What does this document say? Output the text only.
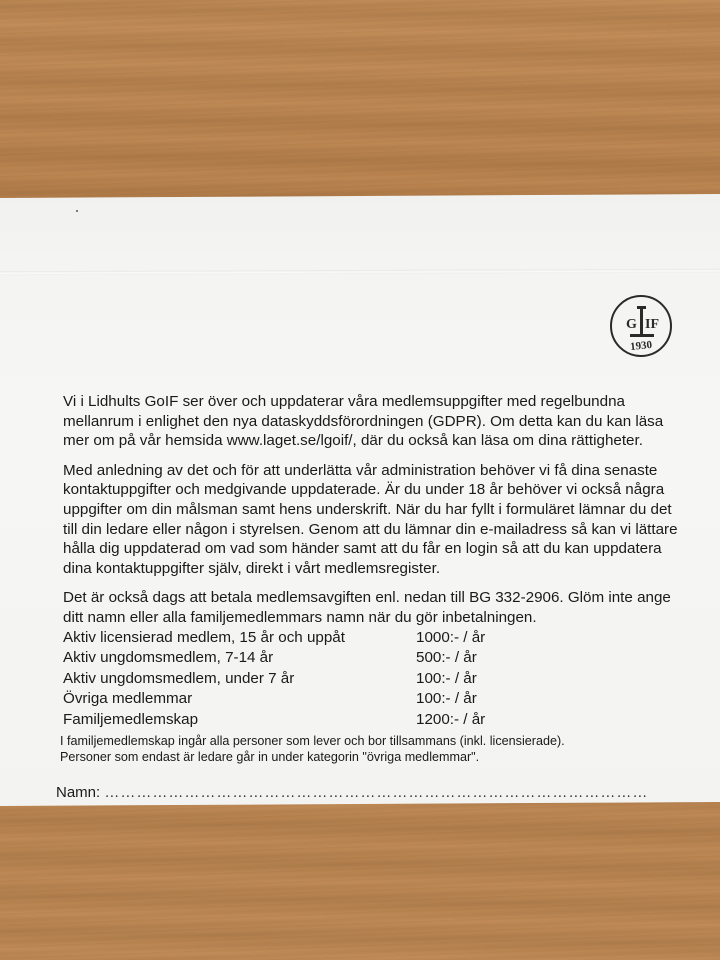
G IF
1930
Vi i Lidhults GoIF ser över och uppdaterar våra medlemsuppgifter med regelbundna
mellanrum i enlighet den nya dataskyddsförordningen (GDPR). Om detta kan du kan läsa
mer om på vår hemsida www.laget.se/lgoif/, där du också kan läsa om dina rättigheter.
Med anledning av det och för att underlätta vår administration behöver vi få dina senaste
kontaktuppgifter och medgivande uppdaterade. Är du under 18 år behöver vi också några
uppgifter om din målsman samt hens underskrift. När du har fyllt i formuläret lämnar du det
till din ledare eller någon i styrelsen. Genom att du lämnar din e-mailadress så kan vi lättare
hålla dig uppdaterad om vad som händer samt att du får en login så att du kan uppdatera
dina kontaktuppgifter själv, direkt i vårt medlemsregister.
Det är också dags att betala medlemsavgiften enl. nedan till BG 332-2906. Glöm inte ange
ditt namn eller alla familjemedlemmars namn när du gör inbetalningen.
Aktiv licensierad medlem, 15 år och uppåt	1000:- / år
Aktiv ungdomsmedlem, 7-14 år	500:- / år
Aktiv ungdomsmedlem, under 7 år	100:- / år
Övriga medlemmar	100:- / år
Familjemedlemskap	1200:- / år
I familjemedlemskap ingår alla personer som lever och bor tillsammans (inkl. licensierade).
Personer som endast är ledare går in under kategorin "övriga medlemmar".
Namn: …………………………………………………………………………………………
